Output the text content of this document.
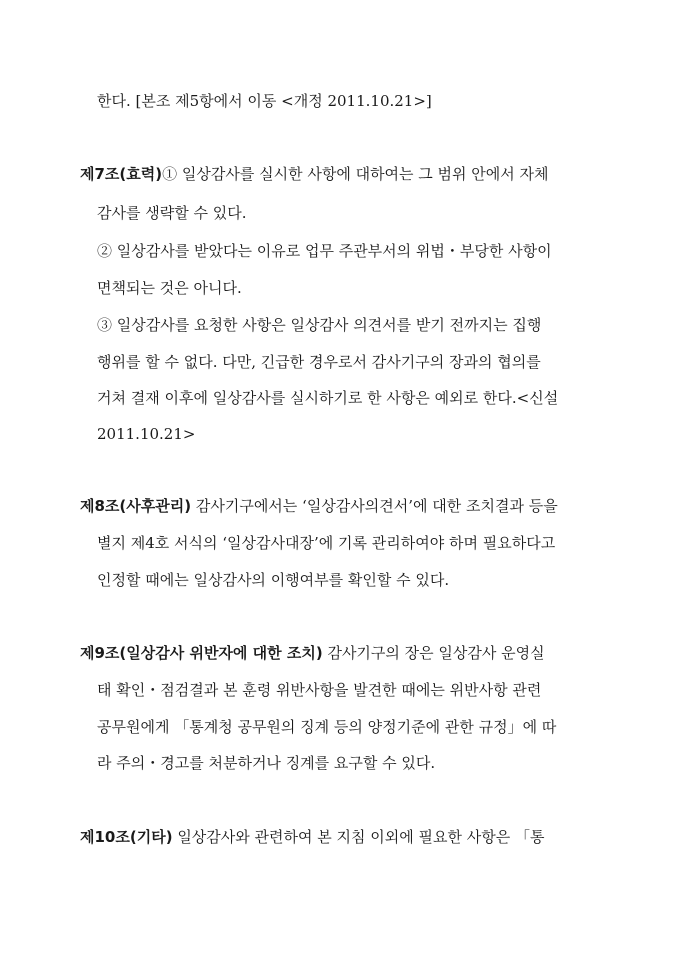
한다. [본조 제5항에서 이동 <개정 2011.10.21>]
제7조(효력)① 일상감사를 실시한 사항에 대하여는 그 범위 안에서 자체
감사를 생략할 수 있다.
② 일상감사를 받았다는 이유로 업무 주관부서의 위법・부당한 사항이
면책되는 것은 아니다.
③ 일상감사를 요청한 사항은 일상감사 의견서를 받기 전까지는 집행
행위를 할 수 없다. 다만, 긴급한 경우로서 감사기구의 장과의 협의를
거쳐 결재 이후에 일상감사를 실시하기로 한 사항은 예외로 한다.<신설
2011.10.21>
제8조(사후관리) 감사기구에서는 ‘일상감사의견서’에 대한 조치결과 등을
별지 제4호 서식의 ‘일상감사대장’에 기록 관리하여야 하며 필요하다고
인정할 때에는 일상감사의 이행여부를 확인할 수 있다.
제9조(일상감사 위반자에 대한 조치) 감사기구의 장은 일상감사 운영실
태 확인・점검결과 본 훈령 위반사항을 발견한 때에는 위반사항 관련
공무원에게 「통계청 공무원의 징계 등의 양정기준에 관한 규정」에 따
라 주의・경고를 처분하거나 징계를 요구할 수 있다.
제10조(기타) 일상감사와 관련하여 본 지침 이외에 필요한 사항은 「통
